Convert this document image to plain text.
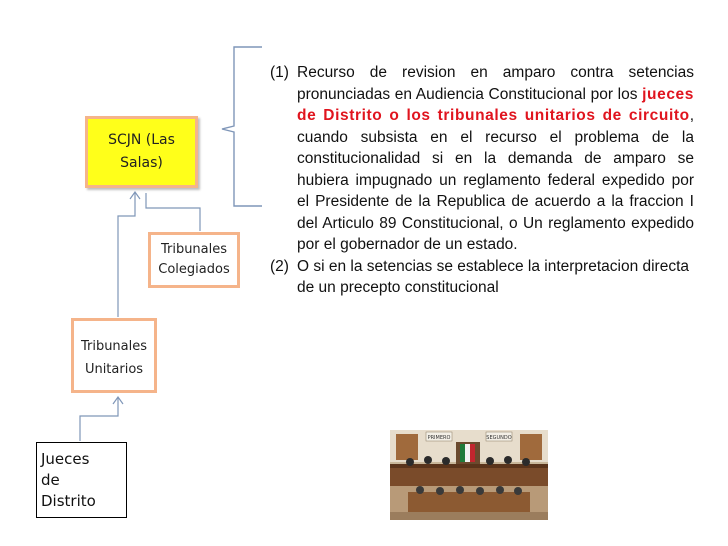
SCJN (Las
Salas)
Tribunales
Colegiados
Tribunales
Unitarios
Jueces
de
Distrito
(1) Recurso de revision en amparo contra setencias pronunciadas en Audiencia Constitucional por los jueces de Distrito o los tribunales unitarios de circuito, cuando subsista en el recurso el problema de la constitucionalidad si en la demanda de amparo se hubiera impugnado un reglamento federal expedido por el Presidente de la Republica de acuerdo a la fraccion I del Articulo 89 Constitucional, o Un reglamento expedido por el gobernador de un estado.
(2) O si en la setencias se establece la interpretacion directa de un precepto constitucional
PRIMERO	SEGUNDO
